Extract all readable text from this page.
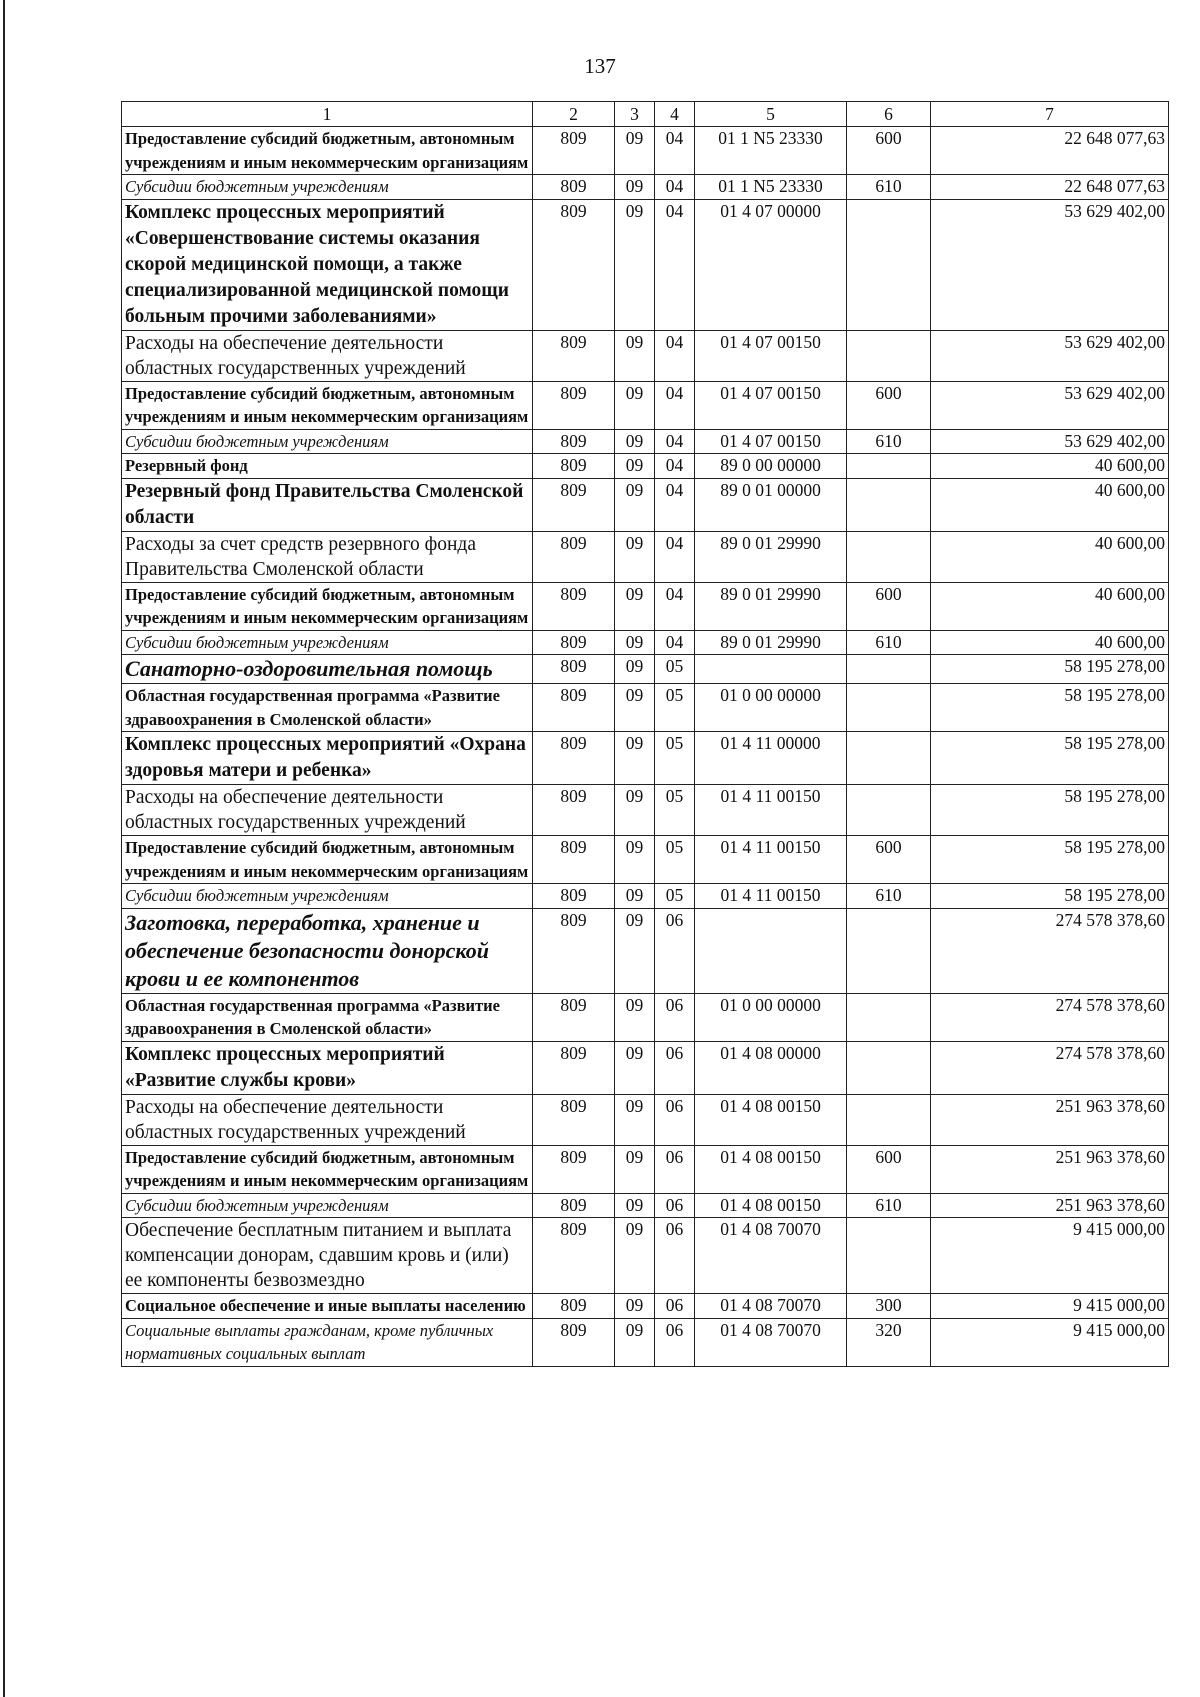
137
1	2	3	4	5	6	7
Предоставление субсидий бюджетным, автономным учреждениям и иным некоммерческим организациям	809	09	04	01 1 N5 23330	600	22 648 077,63
Субсидии бюджетным учреждениям	809	09	04	01 1 N5 23330	610	22 648 077,63
Комплекс процессных мероприятий «Совершенствование системы оказания скорой медицинской помощи, а также специализированной медицинской помощи больным прочими заболеваниями»	809	09	04	01 4 07 00000		53 629 402,00
Расходы на обеспечение деятельности областных государственных учреждений	809	09	04	01 4 07 00150		53 629 402,00
Предоставление субсидий бюджетным, автономным учреждениям и иным некоммерческим организациям	809	09	04	01 4 07 00150	600	53 629 402,00
Субсидии бюджетным учреждениям	809	09	04	01 4 07 00150	610	53 629 402,00
Резервный фонд	809	09	04	89 0 00 00000		40 600,00
Резервный фонд Правительства Смоленской области	809	09	04	89 0 01 00000		40 600,00
Расходы за счет средств резервного фонда Правительства Смоленской области	809	09	04	89 0 01 29990		40 600,00
Предоставление субсидий бюджетным, автономным учреждениям и иным некоммерческим организациям	809	09	04	89 0 01 29990	600	40 600,00
Субсидии бюджетным учреждениям	809	09	04	89 0 01 29990	610	40 600,00
Санаторно-оздоровительная помощь	809	09	05			58 195 278,00
Областная государственная программа «Развитие здравоохранения в Смоленской области»	809	09	05	01 0 00 00000		58 195 278,00
Комплекс процессных мероприятий «Охрана здоровья матери и ребенка»	809	09	05	01 4 11 00000		58 195 278,00
Расходы на обеспечение деятельности областных государственных учреждений	809	09	05	01 4 11 00150		58 195 278,00
Предоставление субсидий бюджетным, автономным учреждениям и иным некоммерческим организациям	809	09	05	01 4 11 00150	600	58 195 278,00
Субсидии бюджетным учреждениям	809	09	05	01 4 11 00150	610	58 195 278,00
Заготовка, переработка, хранение и обеспечение безопасности донорской крови и ее компонентов	809	09	06			274 578 378,60
Областная государственная программа «Развитие здравоохранения в Смоленской области»	809	09	06	01 0 00 00000		274 578 378,60
Комплекс процессных мероприятий «Развитие службы крови»	809	09	06	01 4 08 00000		274 578 378,60
Расходы на обеспечение деятельности областных государственных учреждений	809	09	06	01 4 08 00150		251 963 378,60
Предоставление субсидий бюджетным, автономным учреждениям и иным некоммерческим организациям	809	09	06	01 4 08 00150	600	251 963 378,60
Субсидии бюджетным учреждениям	809	09	06	01 4 08 00150	610	251 963 378,60
Обеспечение бесплатным питанием и выплата компенсации донорам, сдавшим кровь и (или) ее компоненты безвозмездно	809	09	06	01 4 08 70070		9 415 000,00
Социальное обеспечение и иные выплаты населению	809	09	06	01 4 08 70070	300	9 415 000,00
Социальные выплаты гражданам, кроме публичных нормативных социальных выплат	809	09	06	01 4 08 70070	320	9 415 000,00
